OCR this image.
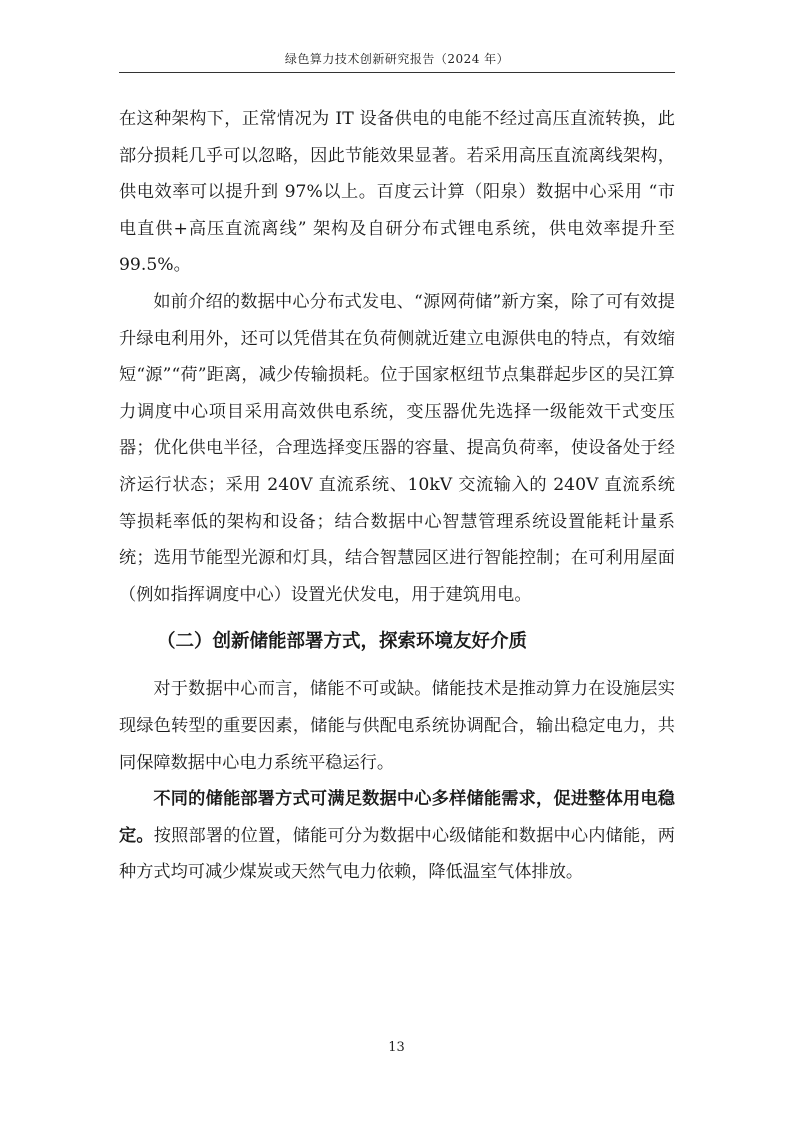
绿色算力技术创新研究报告（2024 年）

在这种架构下，正常情况为 IT 设备供电的电能不经过高压直流转换，此部分损耗几乎可以忽略，因此节能效果显著。若采用高压直流离线架构，供电效率可以提升到 97%以上。百度云计算（阳泉）数据中心采用 “市电直供+高压直流离线” 架构及自研分布式锂电系统，供电效率提升至 99.5%。

如前介绍的数据中心分布式发电、“源网荷储”新方案，除了可有效提升绿电利用外，还可以凭借其在负荷侧就近建立电源供电的特点，有效缩短“源”“荷”距离，减少传输损耗。位于国家枢纽节点集群起步区的吴江算力调度中心项目采用高效供电系统，变压器优先选择一级能效干式变压器；优化供电半径，合理选择变压器的容量、提高负荷率，使设备处于经济运行状态；采用 240V 直流系统、10kV 交流输入的 240V 直流系统等损耗率低的架构和设备；结合数据中心智慧管理系统设置能耗计量系统；选用节能型光源和灯具，结合智慧园区进行智能控制；在可利用屋面（例如指挥调度中心）设置光伏发电，用于建筑用电。

（二）创新储能部署方式，探索环境友好介质

对于数据中心而言，储能不可或缺。储能技术是推动算力在设施层实现绿色转型的重要因素，储能与供配电系统协调配合，输出稳定电力，共同保障数据中心电力系统平稳运行。

不同的储能部署方式可满足数据中心多样储能需求，促进整体用电稳定。按照部署的位置，储能可分为数据中心级储能和数据中心内储能，两种方式均可减少煤炭或天然气电力依赖，降低温室气体排放。

13
